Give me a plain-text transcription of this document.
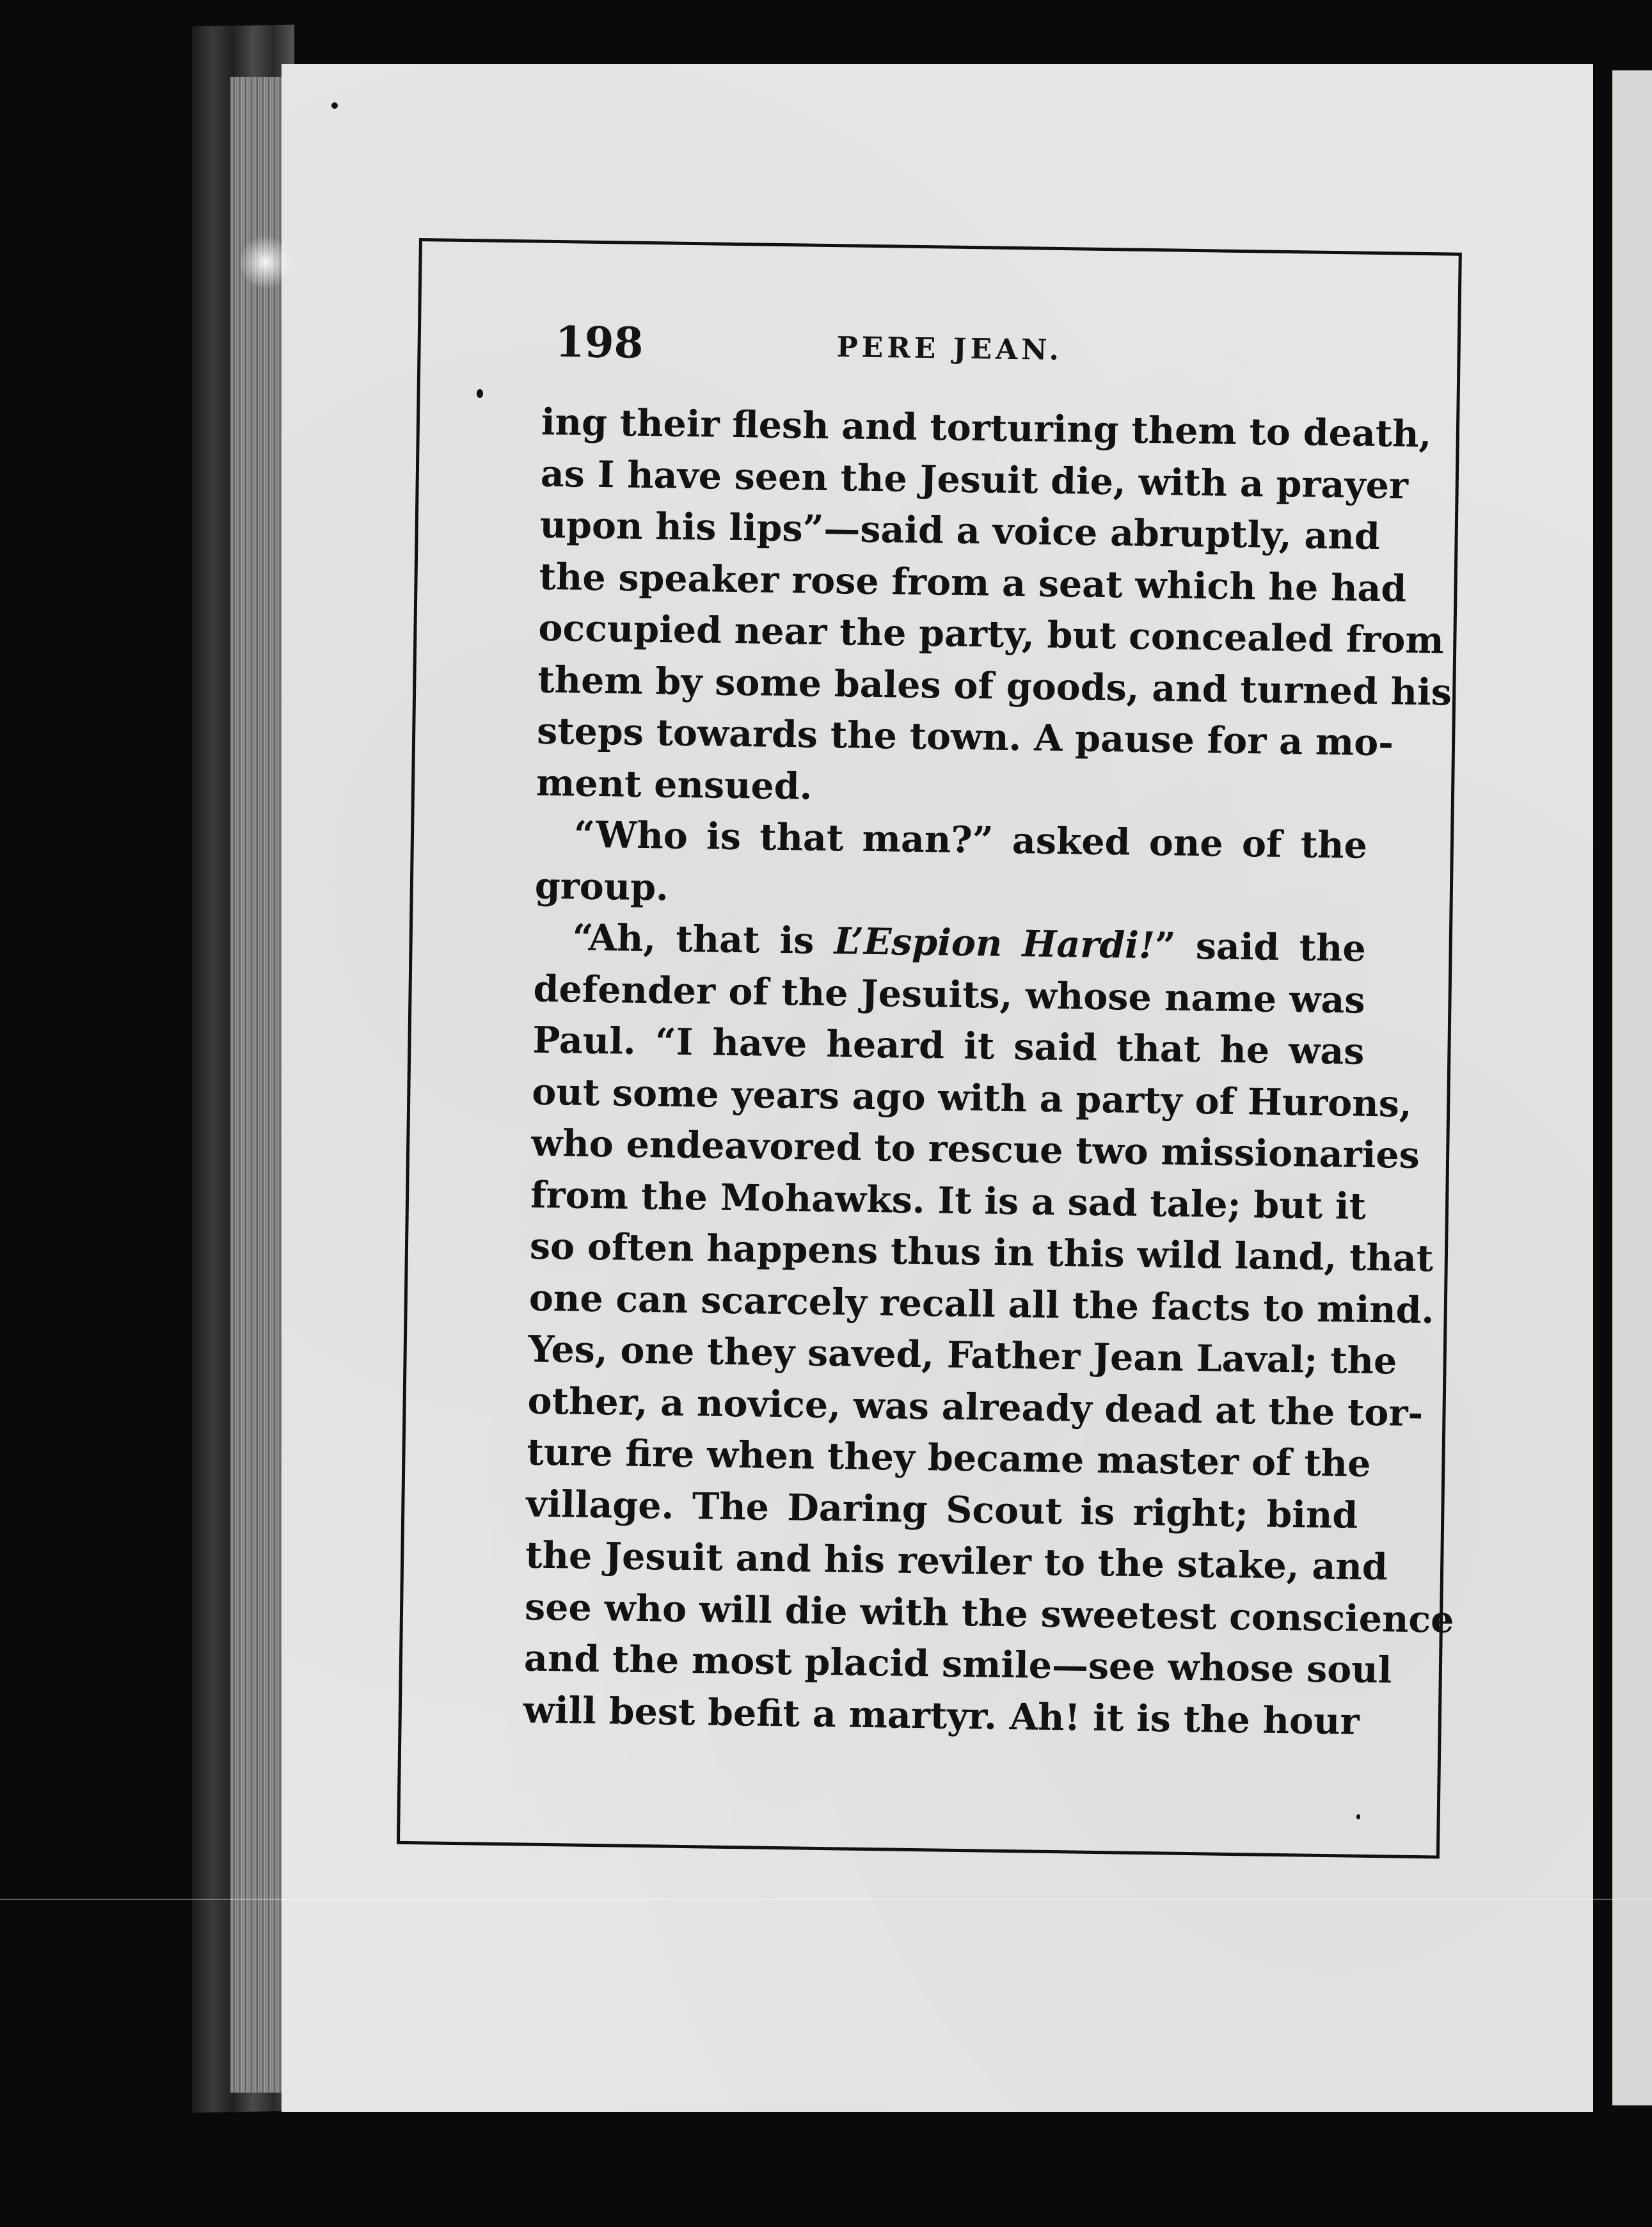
198	PERE JEAN.
ing their flesh and torturing them to death,
as I have seen the Jesuit die, with a prayer
upon his lips”—said a voice abruptly, and
the speaker rose from a seat which he had
occupied near the party, but concealed from
them by some bales of goods, and turned his
steps towards the town. A pause for a mo-
ment ensued.
“Who is that man?” asked one of the
group.
“Ah, that is L’Espion Hardi!” said the
defender of the Jesuits, whose name was
Paul. “I have heard it said that he was
out some years ago with a party of Hurons,
who endeavored to rescue two missionaries
from the Mohawks. It is a sad tale; but it
so often happens thus in this wild land, that
one can scarcely recall all the facts to mind.
Yes, one they saved, Father Jean Laval; the
other, a novice, was already dead at the tor-
ture fire when they became master of the
village. The Daring Scout is right; bind
the Jesuit and his reviler to the stake, and
see who will die with the sweetest conscience
and the most placid smile—see whose soul
will best befit a martyr. Ah! it is the hour
